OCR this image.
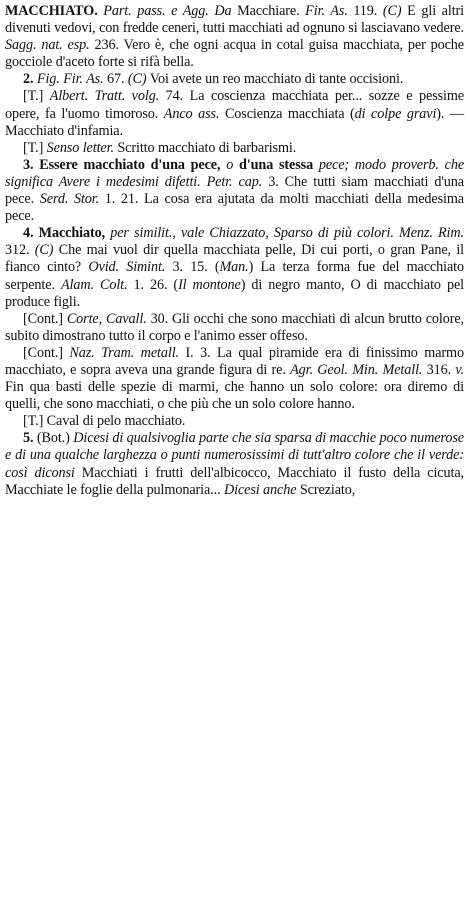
MACCHIATO. Part. pass. e Agg. Da Macchiare. Fir. As. 119. (C) E gli altri divenuti vedovi, con fredde ceneri, tutti macchiati ad ognuno si lasciavano vedere. Sagg. nat. esp. 236. Vero è, che ogni acqua in cotal guisa macchiata, per poche gocciole d'aceto forte si rifà bella.

2. Fig. Fir. As. 67. (C) Voi avete un reo macchiato di tante occisioni.

[T.] Albert. Tratt. volg. 74. La coscienza macchiata per... sozze e pessime opere, fa l'uomo timoroso. Anco ass. Coscienza macchiata (di colpe gravi). — Macchiato d'infamia.

[T.] Senso letter. Scritto macchiato di barbarismi.

3. Essere macchiato d'una pece, o d'una stessa pece; modo proverb. che significa Avere i medesimi difetti. Petr. cap. 3. Che tutti siam macchiati d'una pece. Serd. Stor. 1. 21. La cosa era ajutata da molti macchiati della medesima pece.

4. Macchiato, per similit., vale Chiazzato, Sparso di più colori. Menz. Rim. 312. (C) Che mai vuol dir quella macchiata pelle, Di cui porti, o gran Pane, il fianco cinto? Ovid. Simint. 3. 15. (Man.) La terza forma fue del macchiato serpente. Alam. Colt. 1. 26. (Il montone) di negro manto, O di macchiato pel produce figli.

[Cont.] Corte, Cavall. 30. Gli occhi che sono macchiati di alcun brutto colore, subito dimostrano tutto il corpo e l'animo esser offeso.

[Cont.] Naz. Tram. metall. I. 3. La qual piramide era di finissimo marmo macchiato, e sopra aveva una grande figura di re. Agr. Geol. Min. Metall. 316. v. Fin qua basti delle spezie di marmi, che hanno un solo colore: ora diremo di quelli, che sono macchiati, o che più che un solo colore hanno.

[T.] Caval di pelo macchiato.

5. (Bot.) Dicesi di qualsivoglia parte che sia sparsa di macchie poco numerose e di una qualche larghezza o punti numerosissimi di tutt'altro colore che il verde: così diconsi Macchiati i frutti dell'albicocco, Macchiato il fusto della cicuta, Macchiate le foglie della pulmonaria... Dicesi anche Screziato,
